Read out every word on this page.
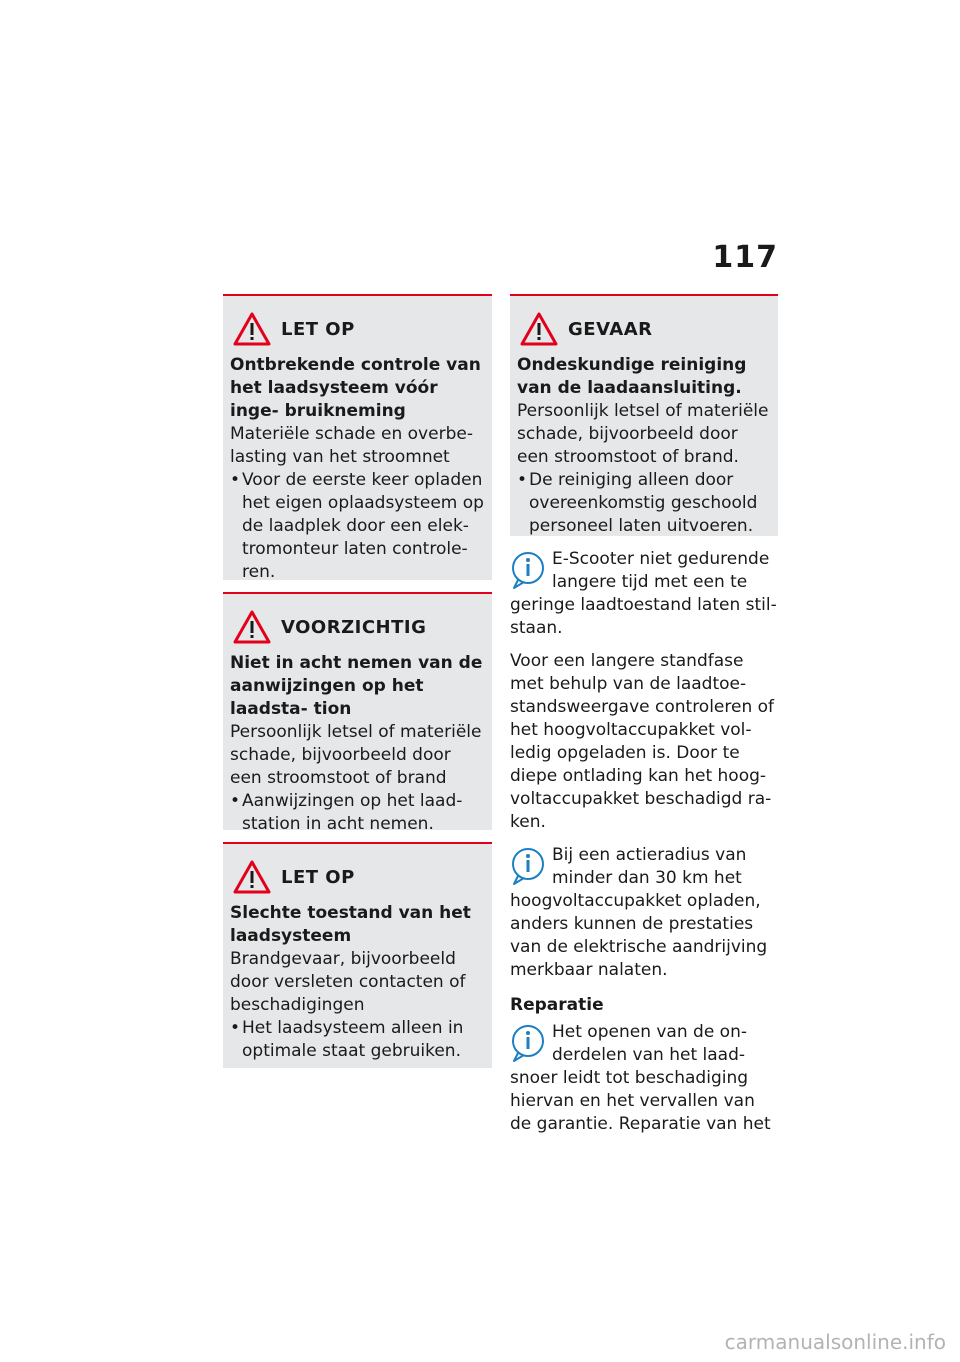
117
LET OP
Ontbrekende controle van het laadsysteem vóór inge- bruikneming
Materiële schade en overbe- lasting van het stroomnet
• Voor de eerste keer opladen het eigen oplaadsysteem op de laadplek door een elek- tromonteur laten controle- ren.
VOORZICHTIG
Niet in acht nemen van de aanwijzingen op het laadsta- tion
Persoonlijk letsel of materiële schade, bijvoorbeeld door een stroomstoot of brand
• Aanwijzingen op het laad- station in acht nemen.
LET OP
Slechte toestand van het laadsysteem
Brandgevaar, bijvoorbeeld door versleten contacten of beschadigingen
• Het laadsysteem alleen in optimale staat gebruiken.
GEVAAR
Ondeskundige reiniging van de laadaansluiting.
Persoonlijk letsel of materiële schade, bijvoorbeeld door een stroomstoot of brand.
• De reiniging alleen door overeenkomstig geschoold personeel laten uitvoeren.
E-Scooter niet gedurende langere tijd met een te geringe laadtoestand laten stil- staan.
Voor een langere standfase met behulp van de laadtoe- standsweergave controleren of het hoogvoltaccupakket vol- ledig opgeladen is. Door te diepe ontlading kan het hoog- voltaccupakket beschadigd ra- ken.
Bij een actieradius van minder dan 30 km het hoogvoltaccupakket opladen, anders kunnen de prestaties van de elektrische aandrijving merkbaar nalaten.
Reparatie
Het openen van de on- derdelen van het laad- snoer leidt tot beschadiging hiervan en het vervallen van de garantie. Reparatie van het
carmanualsonline.info
